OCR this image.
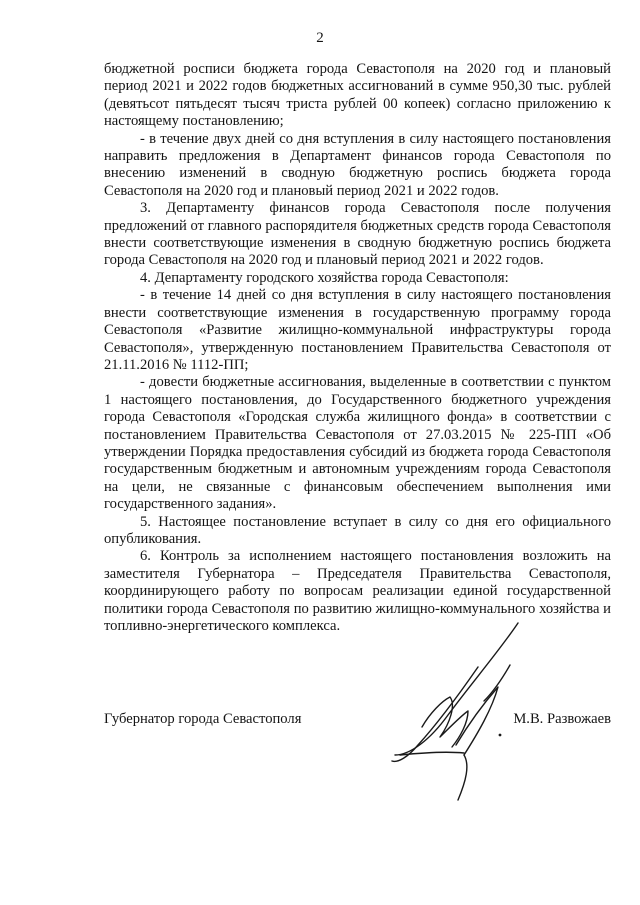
2

бюджетной росписи бюджета города Севастополя на 2020 год и плановый период 2021 и 2022 годов бюджетных ассигнований в сумме 950,30 тыс. рублей (девятьсот пятьдесят тысяч триста рублей 00 копеек) согласно приложению к настоящему постановлению;

- в течение двух дней со дня вступления в силу настоящего постановления направить предложения в Департамент финансов города Севастополя по внесению изменений в сводную бюджетную роспись бюджета города Севастополя на 2020 год и плановый период 2021 и 2022 годов.

3. Департаменту финансов города Севастополя после получения предложений от главного распорядителя бюджетных средств города Севастополя внести соответствующие изменения в сводную бюджетную роспись бюджета города Севастополя на 2020 год и плановый период 2021 и 2022 годов.

4. Департаменту городского хозяйства города Севастополя:

- в течение 14 дней со дня вступления в силу настоящего постановления внести соответствующие изменения в государственную программу города Севастополя «Развитие жилищно-коммунальной инфраструктуры города Севастополя», утвержденную постановлением Правительства Севастополя от 21.11.2016 № 1112-ПП;

- довести бюджетные ассигнования, выделенные в соответствии с пунктом 1 настоящего постановления, до Государственного бюджетного учреждения города Севастополя «Городская служба жилищного фонда» в соответствии с постановлением Правительства Севастополя от 27.03.2015 № 225-ПП «Об утверждении Порядка предоставления субсидий из бюджета города Севастополя государственным бюджетным и автономным учреждениям города Севастополя на цели, не связанные с финансовым обеспечением выполнения ими государственного задания».

5. Настоящее постановление вступает в силу со дня его официального опубликования.

6. Контроль за исполнением настоящего постановления возложить на заместителя Губернатора – Председателя Правительства Севастополя, координирующего работу по вопросам реализации единой государственной политики города Севастополя по развитию жилищно-коммунального хозяйства и топливно-энергетического комплекса.

Губернатор города Севастополя	М.В. Развожаев
